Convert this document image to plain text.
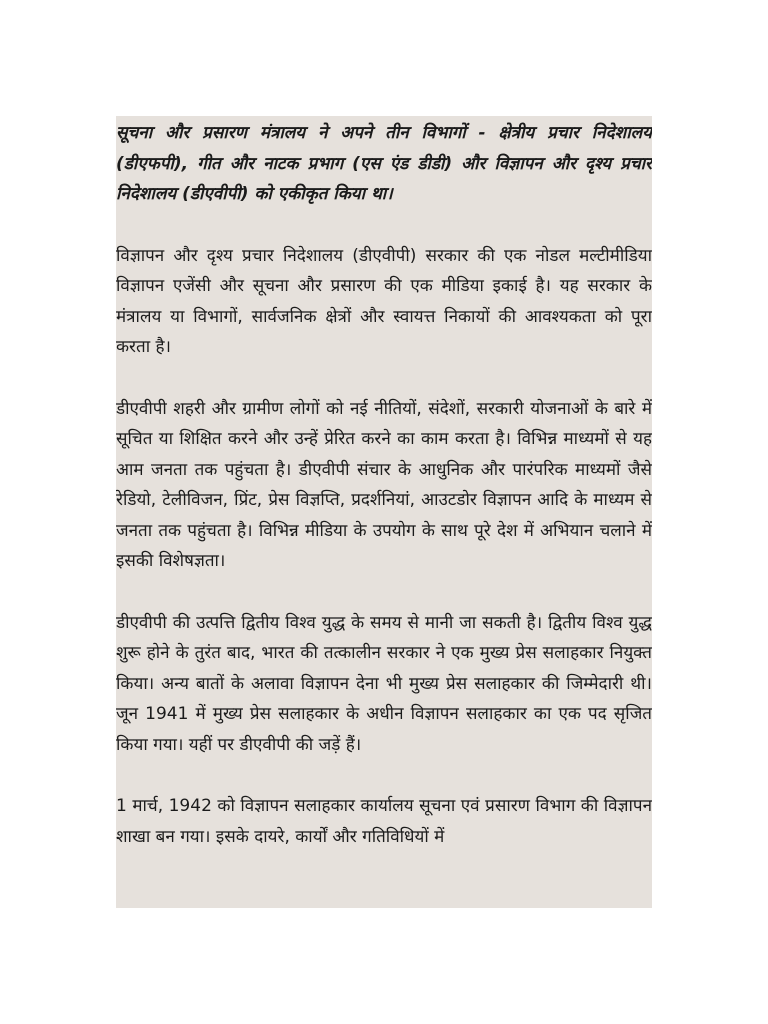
सूचना और प्रसारण मंत्रालय ने अपने तीन विभागों - क्षेत्रीय प्रचार निदेशालय (डीएफपी), गीत और नाटक प्रभाग (एस एंड डीडी) और विज्ञापन और दृश्य प्रचार निदेशालय (डीएवीपी) को एकीकृत किया था।

विज्ञापन और दृश्य प्रचार निदेशालय (डीएवीपी) सरकार की एक नोडल मल्टीमीडिया विज्ञापन एजेंसी और सूचना और प्रसारण की एक मीडिया इकाई है। यह सरकार के मंत्रालय या विभागों, सार्वजनिक क्षेत्रों और स्वायत्त निकायों की आवश्यकता को पूरा करता है।

डीएवीपी शहरी और ग्रामीण लोगों को नई नीतियों, संदेशों, सरकारी योजनाओं के बारे में सूचित या शिक्षित करने और उन्हें प्रेरित करने का काम करता है। विभिन्न माध्यमों से यह आम जनता तक पहुंचता है। डीएवीपी संचार के आधुनिक और पारंपरिक माध्यमों जैसे रेडियो, टेलीविजन, प्रिंट, प्रेस विज्ञप्ति, प्रदर्शनियां, आउटडोर विज्ञापन आदि के माध्यम से जनता तक पहुंचता है। विभिन्न मीडिया के उपयोग के साथ पूरे देश में अभियान चलाने में इसकी विशेषज्ञता।

डीएवीपी की उत्पत्ति द्वितीय विश्व युद्ध के समय से मानी जा सकती है। द्वितीय विश्व युद्ध शुरू होने के तुरंत बाद, भारत की तत्कालीन सरकार ने एक मुख्य प्रेस सलाहकार नियुक्त किया। अन्य बातों के अलावा विज्ञापन देना भी मुख्य प्रेस सलाहकार की जिम्मेदारी थी। जून 1941 में मुख्य प्रेस सलाहकार के अधीन विज्ञापन सलाहकार का एक पद सृजित किया गया। यहीं पर डीएवीपी की जड़ें हैं।

1 मार्च, 1942 को विज्ञापन सलाहकार कार्यालय सूचना एवं प्रसारण विभाग की विज्ञापन शाखा बन गया। इसके दायरे, कार्यों और गतिविधियों में
